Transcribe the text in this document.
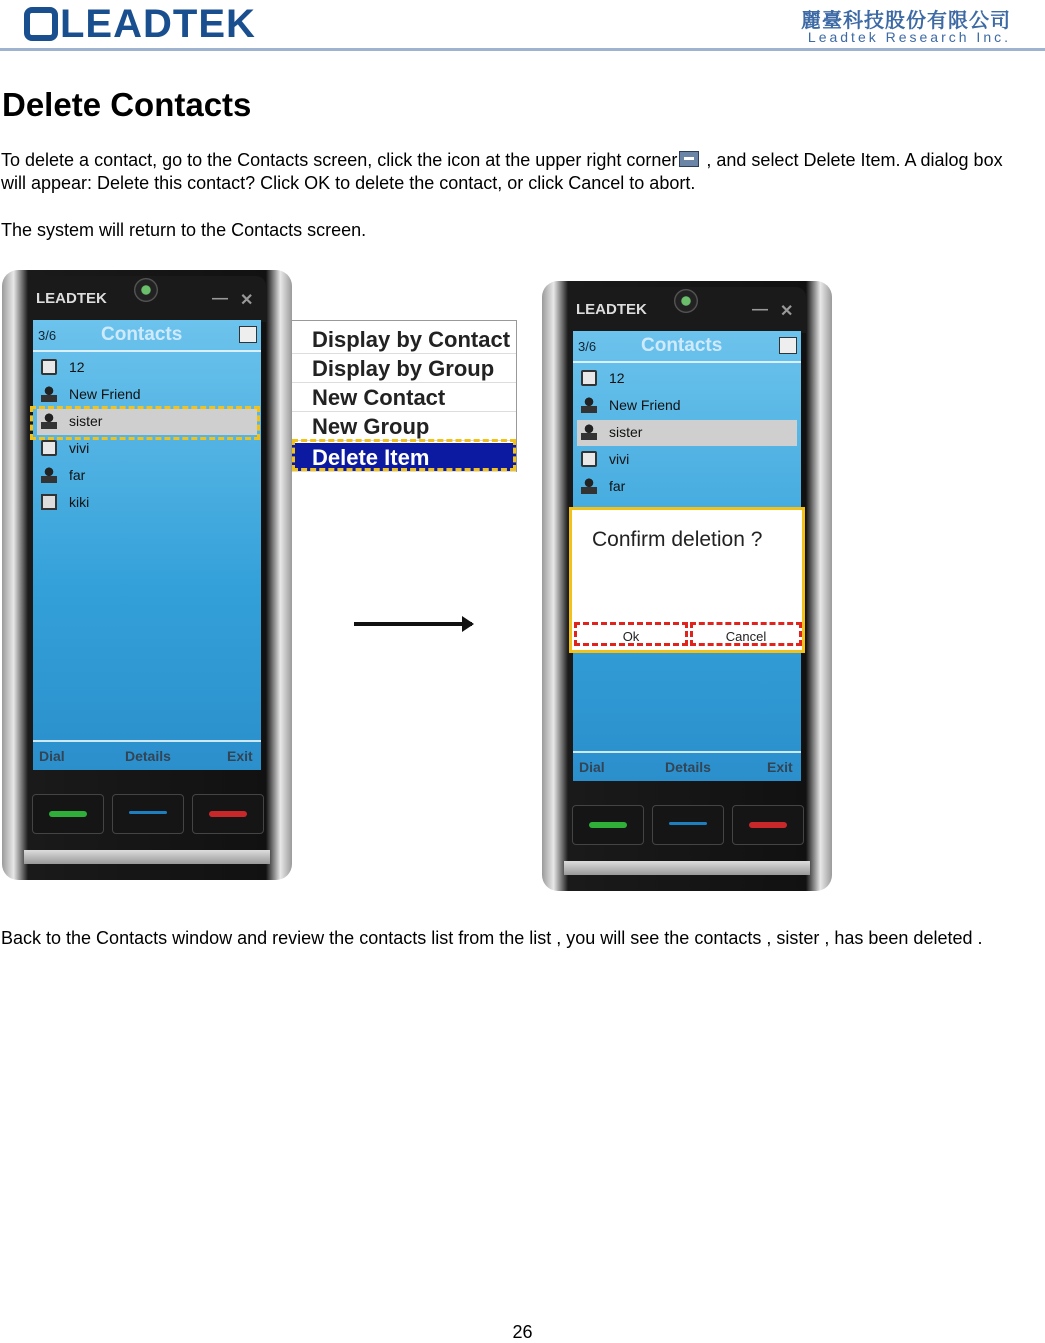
LEADTEK	麗臺科技股份有限公司
Leadtek Research Inc.
Delete Contacts
To delete a contact, go to the Contacts screen, click the icon at the upper right corner , and select Delete Item. A dialog box will appear: Delete this contact? Click OK to delete the contact, or click Cancel to abort.
The system will return to the Contacts screen.
LEADTEK	— ✕
3/6 Contacts
12
New Friend
sister
vivi
far
kiki
Dial	Details	Exit
Display by Contact
Display by Group
New Contact
New Group
Delete Item
LEADTEK	— ✕
3/6 Contacts
12
New Friend
sister
vivi
far
Confirm deletion ?
Ok	Cancel
Dial	Details	Exit
Back to the Contacts window and review the contacts list from the list , you will see the contacts , sister , has been deleted .
26
